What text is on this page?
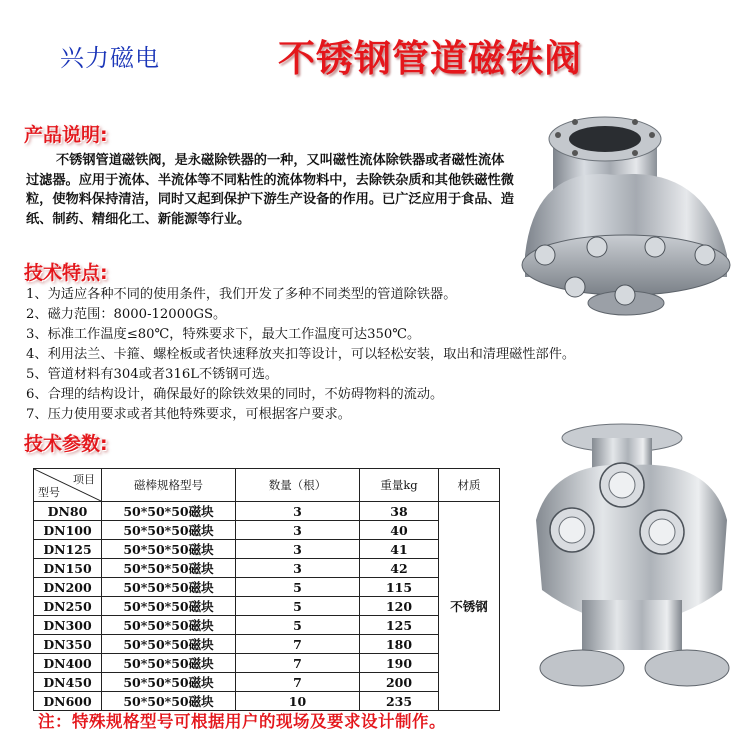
兴力磁电	不锈钢管道磁铁阀
产品说明:
不锈钢管道磁铁阀，是永磁除铁器的一种，又叫磁性流体除铁器或者磁性流体过滤器。应用于流体、半流体等不同粘性的流体物料中，去除铁杂质和其他铁磁性微粒，使物料保持清洁，同时又起到保护下游生产设备的作用。已广泛应用于食品、造纸、制药、精细化工、新能源等行业。
技术特点:
1、为适应各种不同的使用条件，我们开发了多种不同类型的管道除铁器。
2、磁力范围：8000-12000GS。
3、标准工作温度≤80℃，特殊要求下，最大工作温度可达350℃。
4、利用法兰、卡箍、螺栓板或者快速释放夹扣等设计，可以轻松安装，取出和清理磁性部件。
5、管道材料有304或者316L不锈钢可选。
6、合理的结构设计，确保最好的除铁效果的同时，不妨碍物料的流动。
7、压力使用要求或者其他特殊要求，可根据客户要求。
技术参数:
项目
型号	磁棒规格型号	数量（根）	重量kg	材质
DN80	50*50*50磁块	3	38	不锈钢
DN100	50*50*50磁块	3	40	
DN125	50*50*50磁块	3	41	
DN150	50*50*50磁块	3	42	
DN200	50*50*50磁块	5	115	
DN250	50*50*50磁块	5	120	
DN300	50*50*50磁块	5	125	
DN350	50*50*50磁块	7	180	
DN400	50*50*50磁块	7	190	
DN450	50*50*50磁块	7	200	
DN600	50*50*50磁块	10	235	
注：特殊规格型号可根据用户的现场及要求设计制作。
